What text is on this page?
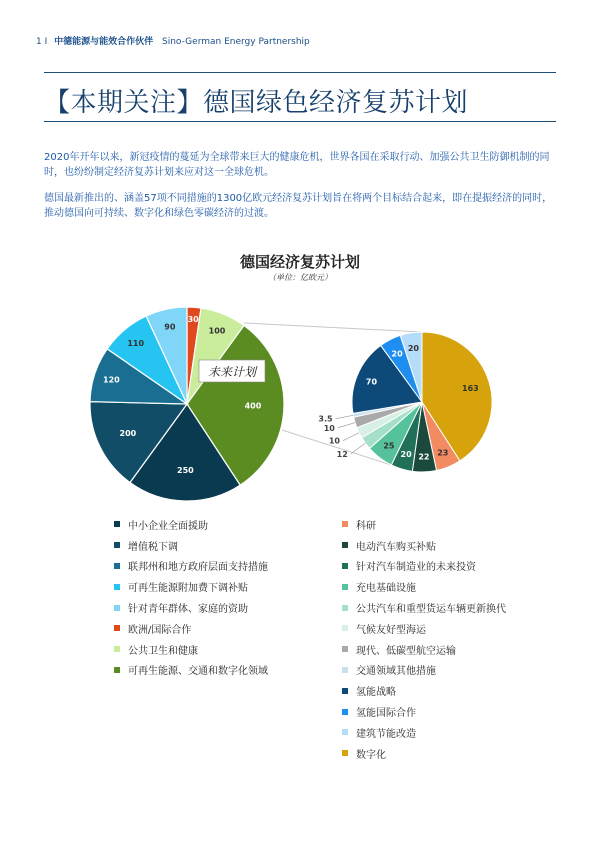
1 I 中德能源与能效合作伙伴 Sino-German Energy Partnership
【本期关注】德国绿色经济复苏计划
2020年开年以来，新冠疫情的蔓延为全球带来巨大的健康危机，世界各国在采取行动、加强公共卫生防御机制的同时，也纷纷制定经济复苏计划来应对这一全球危机。
德国最新推出的、涵盖57项不同措施的1300亿欧元经济复苏计划旨在将两个目标结合起来，即在提振经济的同时，推动德国向可持续、数字化和绿色零碳经济的过渡。
德国经济复苏计划
（单位：亿欧元）
30
100
400
250
200
120
110
90
163
23
22
20
25
12
10
10
3.5
70
20
20
未来计划
中小企业全面援助
增值税下调
联邦州和地方政府层面支持措施
可再生能源附加费下调补贴
针对青年群体、家庭的资助
欧洲/国际合作
公共卫生和健康
可再生能源、交通和数字化领域
科研
电动汽车购买补贴
针对汽车制造业的未来投资
充电基础设施
公共汽车和重型货运车辆更新换代
气候友好型海运
现代、低碳型航空运输
交通领域其他措施
氢能战略
氢能国际合作
建筑节能改造
数字化
